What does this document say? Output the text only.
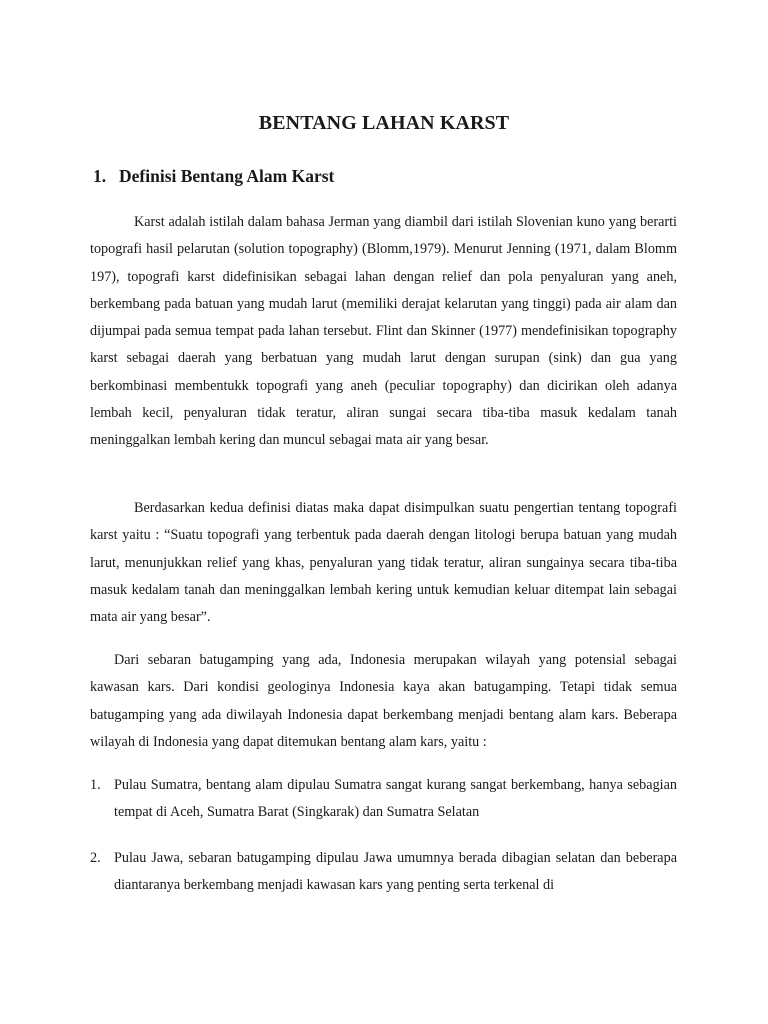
BENTANG LAHAN KARST
1. Definisi Bentang Alam Karst

Karst adalah istilah dalam bahasa Jerman yang diambil dari istilah Slovenian kuno yang berarti topografi hasil pelarutan (solution topography) (Blomm,1979). Menurut Jenning (1971, dalam Blomm 197), topografi karst didefinisikan sebagai lahan dengan relief dan pola penyaluran yang aneh, berkembang pada batuan yang mudah larut (memiliki derajat kelarutan yang tinggi) pada air alam dan dijumpai pada semua tempat pada lahan tersebut. Flint dan Skinner (1977) mendefinisikan topography karst sebagai daerah yang berbatuan yang mudah larut dengan surupan (sink) dan gua yang berkombinasi membentukk topografi yang aneh (peculiar topography) dan dicirikan oleh adanya lembah kecil, penyaluran tidak teratur, aliran sungai secara tiba-tiba masuk kedalam tanah meninggalkan lembah kering dan muncul sebagai mata air yang besar.

Berdasarkan kedua definisi diatas maka dapat disimpulkan suatu pengertian tentang topografi karst yaitu : “Suatu topografi yang terbentuk pada daerah dengan litologi berupa batuan yang mudah larut, menunjukkan relief yang khas, penyaluran yang tidak teratur, aliran sungainya secara tiba-tiba masuk kedalam tanah dan meninggalkan lembah kering untuk kemudian keluar ditempat lain sebagai mata air yang besar”.

Dari sebaran batugamping yang ada, Indonesia merupakan wilayah yang potensial sebagai kawasan kars. Dari kondisi geologinya Indonesia kaya akan batugamping. Tetapi tidak semua batugamping yang ada diwilayah Indonesia dapat berkembang menjadi bentang alam kars. Beberapa wilayah di Indonesia yang dapat ditemukan bentang alam kars, yaitu :

1. Pulau Sumatra, bentang alam dipulau Sumatra sangat kurang sangat berkembang, hanya sebagian tempat di Aceh, Sumatra Barat (Singkarak) dan Sumatra Selatan
2. Pulau Jawa, sebaran batugamping dipulau Jawa umumnya berada dibagian selatan dan beberapa diantaranya berkembang menjadi kawasan kars yang penting serta terkenal di
